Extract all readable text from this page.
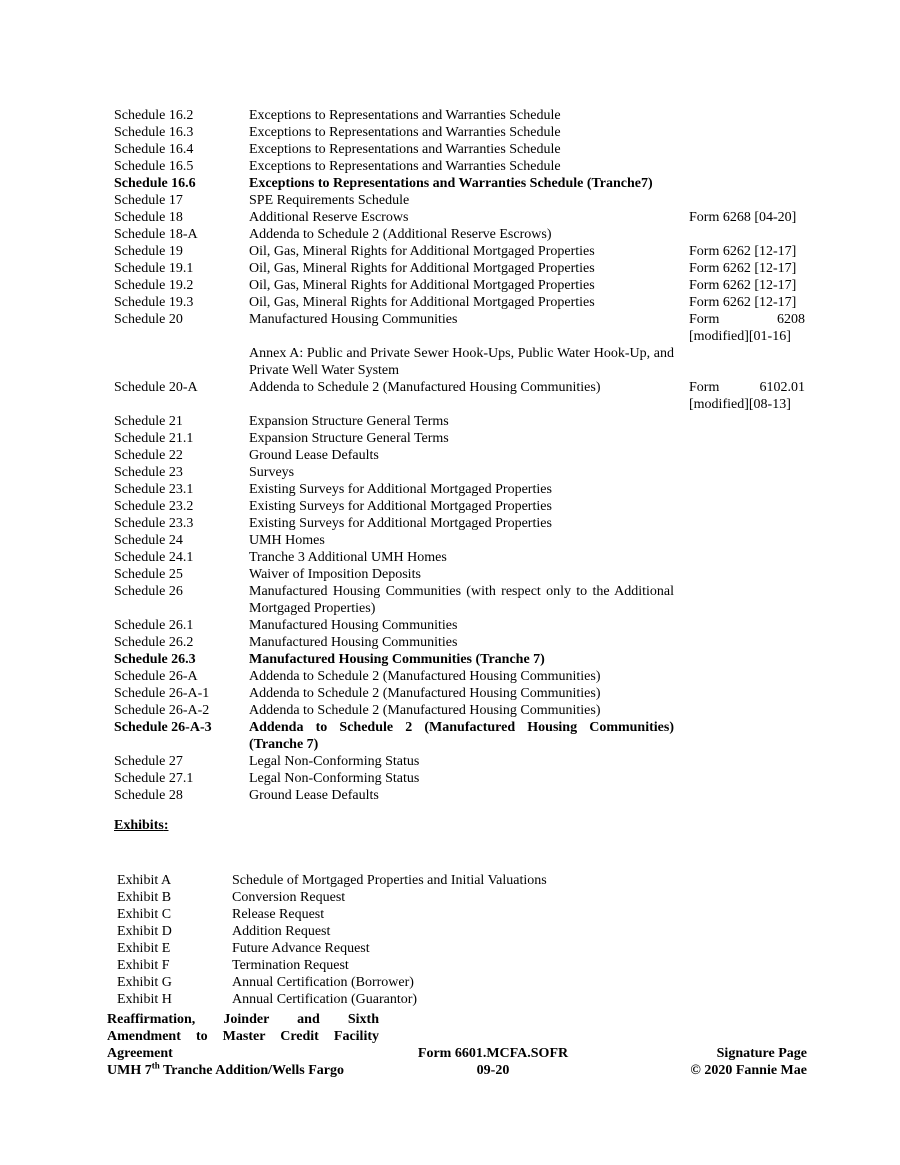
Schedule 16.2	Exceptions to Representations and Warranties Schedule
Schedule 16.3	Exceptions to Representations and Warranties Schedule
Schedule 16.4	Exceptions to Representations and Warranties Schedule
Schedule 16.5	Exceptions to Representations and Warranties Schedule
Schedule 16.6	Exceptions to Representations and Warranties Schedule (Tranche7)
Schedule 17	SPE Requirements Schedule
Schedule 18	Additional Reserve Escrows	Form 6268 [04-20]
Schedule 18-A	Addenda to Schedule 2 (Additional Reserve Escrows)
Schedule 19	Oil, Gas, Mineral Rights for Additional Mortgaged Properties	Form 6262 [12-17]
Schedule 19.1	Oil, Gas, Mineral Rights for Additional Mortgaged Properties	Form 6262 [12-17]
Schedule 19.2	Oil, Gas, Mineral Rights for Additional Mortgaged Properties	Form 6262 [12-17]
Schedule 19.3	Oil, Gas, Mineral Rights for Additional Mortgaged Properties	Form 6262 [12-17]
Schedule 20	Manufactured Housing Communities	Form 6208 [modified][01-16]
Annex A: Public and Private Sewer Hook-Ups, Public Water Hook-Up, and Private Well Water System
Schedule 20-A	Addenda to Schedule 2 (Manufactured Housing Communities)	Form 6102.01 [modified][08-13]
Schedule 21	Expansion Structure General Terms
Schedule 21.1	Expansion Structure General Terms
Schedule 22	Ground Lease Defaults
Schedule 23	Surveys
Schedule 23.1	Existing Surveys for Additional Mortgaged Properties
Schedule 23.2	Existing Surveys for Additional Mortgaged Properties
Schedule 23.3	Existing Surveys for Additional Mortgaged Properties
Schedule 24	UMH Homes
Schedule 24.1	Tranche 3 Additional UMH Homes
Schedule 25	Waiver of Imposition Deposits
Schedule 26	Manufactured Housing Communities (with respect only to the Additional Mortgaged Properties)
Schedule 26.1	Manufactured Housing Communities
Schedule 26.2	Manufactured Housing Communities
Schedule 26.3	Manufactured Housing Communities (Tranche 7)
Schedule 26-A	Addenda to Schedule 2 (Manufactured Housing Communities)
Schedule 26-A-1	Addenda to Schedule 2 (Manufactured Housing Communities)
Schedule 26-A-2	Addenda to Schedule 2 (Manufactured Housing Communities)
Schedule 26-A-3	Addenda to Schedule 2 (Manufactured Housing Communities)(Tranche 7)
Schedule 27	Legal Non-Conforming Status
Schedule 27.1	Legal Non-Conforming Status
Schedule 28	Ground Lease Defaults
Exhibits:
Exhibit A	Schedule of Mortgaged Properties and Initial Valuations
Exhibit B	Conversion Request
Exhibit C	Release Request
Exhibit D	Addition Request
Exhibit E	Future Advance Request
Exhibit F	Termination Request
Exhibit G	Annual Certification (Borrower)
Exhibit H	Annual Certification (Guarantor)
Reaffirmation, Joinder and Sixth
Amendment to Master Credit Facility
Agreement
UMH 7th Tranche Addition/Wells Fargo
Form 6601.MCFA.SOFR
09-20
Signature Page
© 2020 Fannie Mae
